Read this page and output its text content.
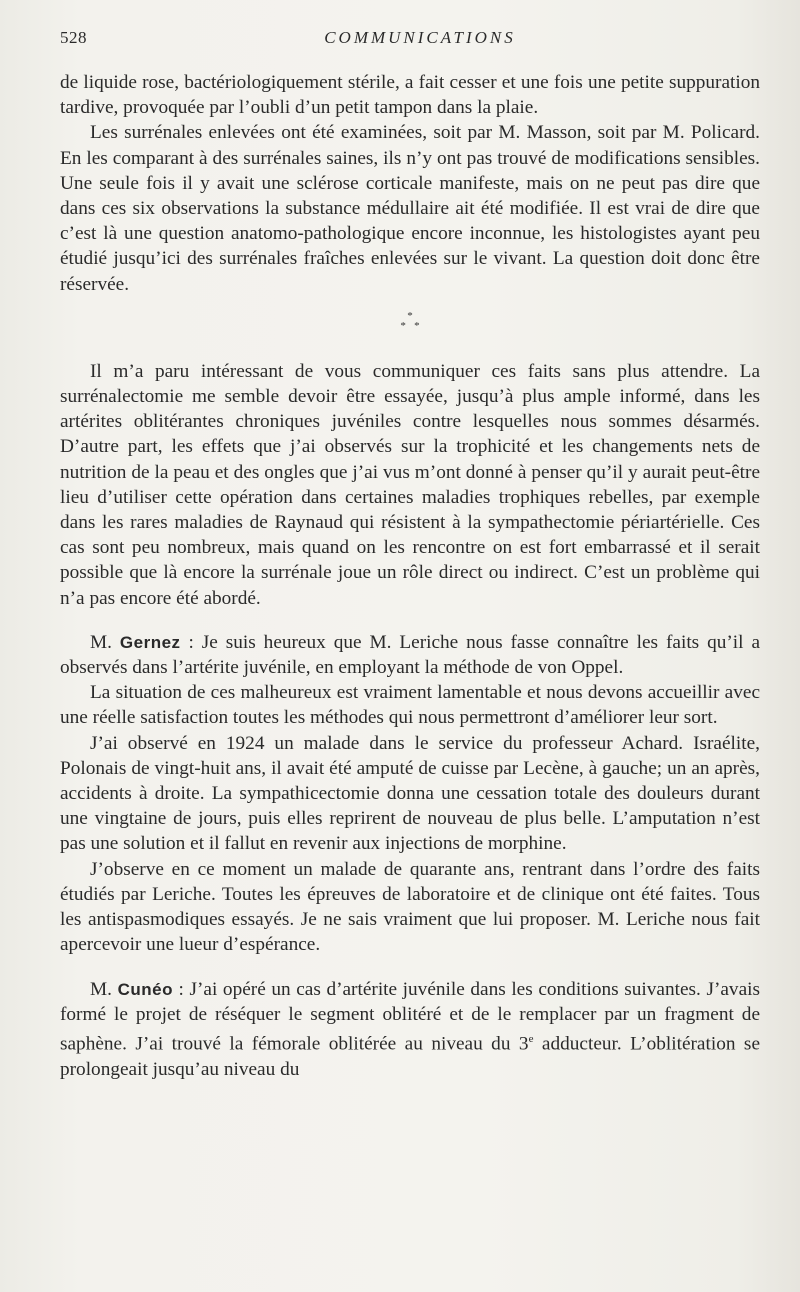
528	COMMUNICATIONS

de liquide rose, bactériologiquement stérile, a fait cesser et une fois une petite suppuration tardive, provoquée par l’oubli d’un petit tampon dans la plaie.

Les surrénales enlevées ont été examinées, soit par M. Masson, soit par M. Policard. En les comparant à des surrénales saines, ils n’y ont pas trouvé de modifications sensibles. Une seule fois il y avait une sclérose corticale manifeste, mais on ne peut pas dire que dans ces six observations la substance médullaire ait été modifiée. Il est vrai de dire que c’est là une question anatomo-pathologique encore inconnue, les histologistes ayant peu étudié jusqu’ici des surrénales fraîches enlevées sur le vivant. La question doit donc être réservée.

*
*   *

Il m’a paru intéressant de vous communiquer ces faits sans plus attendre. La surrénalectomie me semble devoir être essayée, jusqu’à plus ample informé, dans les artérites oblitérantes chroniques juvéniles contre lesquelles nous sommes désarmés. D’autre part, les effets que j’ai observés sur la trophicité et les changements nets de nutrition de la peau et des ongles que j’ai vus m’ont donné à penser qu’il y aurait peut-être lieu d’utiliser cette opération dans certaines maladies trophiques rebelles, par exemple dans les rares maladies de Raynaud qui résistent à la sympathectomie périartérielle. Ces cas sont peu nombreux, mais quand on les rencontre on est fort embarrassé et il serait possible que là encore la surrénale joue un rôle direct ou indirect. C’est un problème qui n’a pas encore été abordé.

M. Gernez : Je suis heureux que M. Leriche nous fasse connaître les faits qu’il a observés dans l’artérite juvénile, en employant la méthode de von Oppel.

La situation de ces malheureux est vraiment lamentable et nous devons accueillir avec une réelle satisfaction toutes les méthodes qui nous permettront d’améliorer leur sort.

J’ai observé en 1924 un malade dans le service du professeur Achard. Israélite, Polonais de vingt-huit ans, il avait été amputé de cuisse par Lecène, à gauche; un an après, accidents à droite. La sympathicectomie donna une cessation totale des douleurs durant une vingtaine de jours, puis elles reprirent de nouveau de plus belle. L’amputation n’est pas une solution et il fallut en revenir aux injections de morphine.

J’observe en ce moment un malade de quarante ans, rentrant dans l’ordre des faits étudiés par Leriche. Toutes les épreuves de laboratoire et de clinique ont été faites. Tous les antispasmodiques essayés. Je ne sais vraiment que lui proposer. M. Leriche nous fait apercevoir une lueur d’espérance.

M. Cunéo : J’ai opéré un cas d’artérite juvénile dans les conditions suivantes. J’avais formé le projet de réséquer le segment oblitéré et de le remplacer par un fragment de saphène. J’ai trouvé la fémorale oblitérée au niveau du 3e adducteur. L’oblitération se prolongeait jusqu’au niveau du
